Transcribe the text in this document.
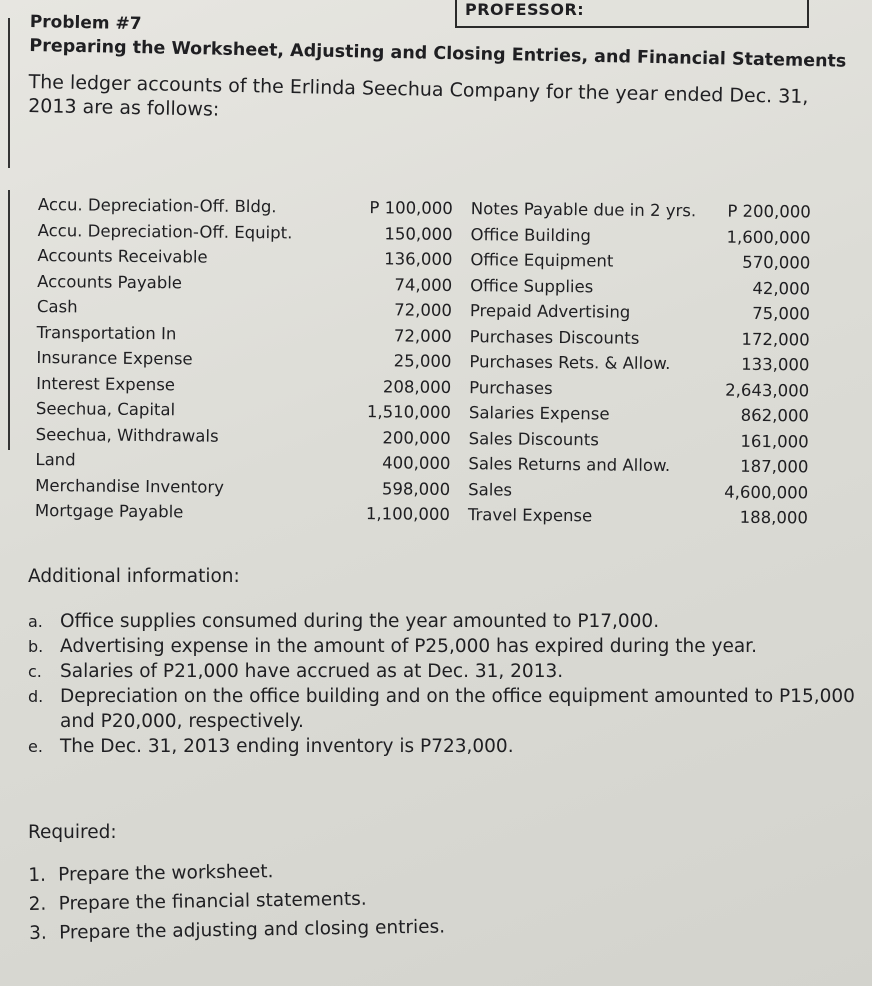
PROFESSOR:

Problem #7

Preparing the Worksheet, Adjusting and Closing Entries, and Financial Statements

The ledger accounts of the Erlinda Seechua Company for the year ended Dec. 31, 2013 are as follows:

Accu. Depreciation-Off. Bldg.	P 100,000	Notes Payable due in 2 yrs.	P 200,000
Accu. Depreciation-Off. Equipt.	150,000	Office Building	1,600,000
Accounts Receivable	136,000	Office Equipment	570,000
Accounts Payable	74,000	Office Supplies	42,000
Cash	72,000	Prepaid Advertising	75,000
Transportation In	72,000	Purchases Discounts	172,000
Insurance Expense	25,000	Purchases Rets. & Allow.	133,000
Interest Expense	208,000	Purchases	2,643,000
Seechua, Capital	1,510,000	Salaries Expense	862,000
Seechua, Withdrawals	200,000	Sales Discounts	161,000
Land	400,000	Sales Returns and Allow.	187,000
Merchandise Inventory	598,000	Sales	4,600,000
Mortgage Payable	1,100,000	Travel Expense	188,000

Additional information:

a. Office supplies consumed during the year amounted to P17,000.
b. Advertising expense in the amount of P25,000 has expired during the year.
c. Salaries of P21,000 have accrued as at Dec. 31, 2013.
d. Depreciation on the office building and on the office equipment amounted to P15,000 and P20,000, respectively.
e. The Dec. 31, 2013 ending inventory is P723,000.

Required:

1. Prepare the worksheet.
2. Prepare the financial statements.
3. Prepare the adjusting and closing entries.
